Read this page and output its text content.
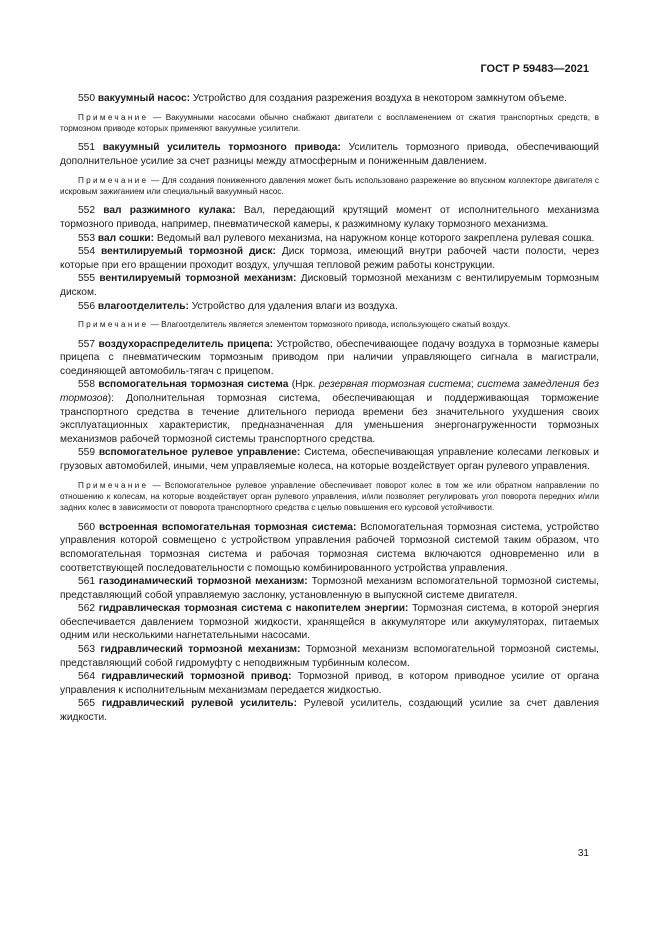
ГОСТ Р 59483—2021

550 вакуумный насос: Устройство для создания разрежения воздуха в некотором замкнутом объеме.

Примечание — Вакуумными насосами обычно снабжают двигатели с воспламенением от сжатия транспортных средств, в тормозном приводе которых применяют вакуумные усилители.

551 вакуумный усилитель тормозного привода: Усилитель тормозного привода, обеспечивающий дополнительное усилие за счет разницы между атмосферным и пониженным давлением.

Примечание — Для создания пониженного давления может быть использовано разрежение во впускном коллекторе двигателя с искровым зажиганием или специальный вакуумный насос.

552 вал разжимного кулака: Вал, передающий крутящий момент от исполнительного механизма тормозного привода, например, пневматической камеры, к разжимному кулаку тормозного механизма.

553 вал сошки: Ведомый вал рулевого механизма, на наружном конце которого закреплена рулевая сошка.

554 вентилируемый тормозной диск: Диск тормоза, имеющий внутри рабочей части полости, через которые при его вращении проходит воздух, улучшая тепловой режим работы конструкции.

555 вентилируемый тормозной механизм: Дисковый тормозной механизм с вентилируемым тормозным диском.

556 влагоотделитель: Устройство для удаления влаги из воздуха.

Примечание — Влагоотделитель является элементом тормозного привода, использующего сжатый воздух.

557 воздухораспределитель прицепа: Устройство, обеспечивающее подачу воздуха в тормозные камеры прицепа с пневматическим тормозным приводом при наличии управляющего сигнала в магистрали, соединяющей автомобиль-тягач с прицепом.

558 вспомогательная тормозная система (Нрк. резервная тормозная система; система замедления без тормозов): Дополнительная тормозная система, обеспечивающая и поддерживающая торможение транспортного средства в течение длительного периода времени без значительного ухудшения своих эксплуатационных характеристик, предназначенная для уменьшения энергонагруженности тормозных механизмов рабочей тормозной системы транспортного средства.

559 вспомогательное рулевое управление: Система, обеспечивающая управление колесами легковых и грузовых автомобилей, иными, чем управляемые колеса, на которые воздействует орган рулевого управления.

Примечание — Вспомогательное рулевое управление обеспечивает поворот колес в том же или обратном направлении по отношению к колесам, на которые воздействует орган рулевого управления, и/или позволяет регулировать угол поворота передних и/или задних колес в зависимости от поворота транспортного средства с целью повышения его курсовой устойчивости.

560 встроенная вспомогательная тормозная система: Вспомогательная тормозная система, устройство управления которой совмещено с устройством управления рабочей тормозной системой таким образом, что вспомогательная тормозная система и рабочая тормозная система включаются одновременно или в соответствующей последовательности с помощью комбинированного устройства управления.

561 газодинамический тормозной механизм: Тормозной механизм вспомогательной тормозной системы, представляющий собой управляемую заслонку, установленную в выпускной системе двигателя.

562 гидравлическая тормозная система с накопителем энергии: Тормозная система, в которой энергия обеспечивается давлением тормозной жидкости, хранящейся в аккумуляторе или аккумуляторах, питаемых одним или несколькими нагнетательными насосами.

563 гидравлический тормозной механизм: Тормозной механизм вспомогательной тормозной системы, представляющий собой гидромуфту с неподвижным турбинным колесом.

564 гидравлический тормозной привод: Тормозной привод, в котором приводное усилие от органа управления к исполнительным механизмам передается жидкостью.

565 гидравлический рулевой усилитель: Рулевой усилитель, создающий усилие за счет давления жидкости.

31
